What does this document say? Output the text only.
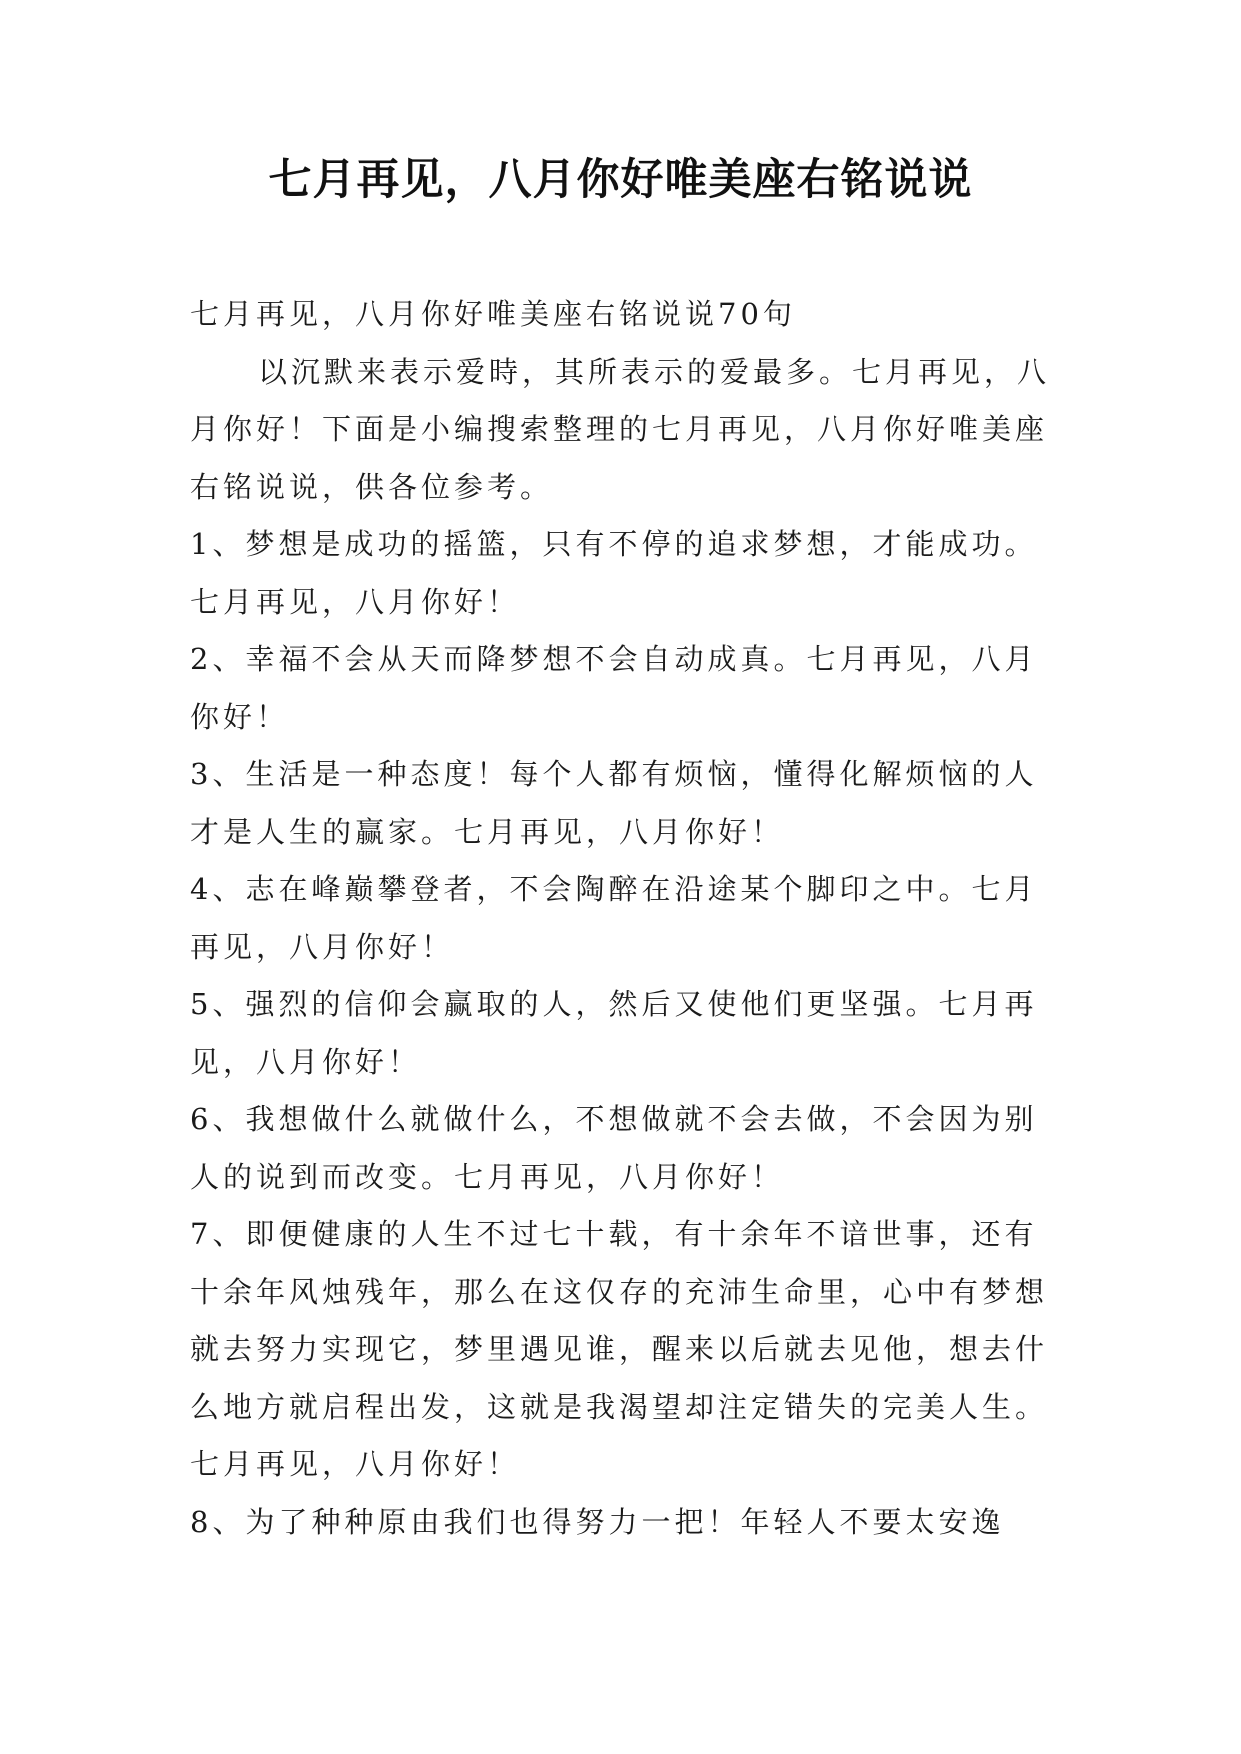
七月再见，八月你好唯美座右铭说说
七月再见，八月你好唯美座右铭说说70句
以沉默来表示爱時，其所表示的爱最多。七月再见，八
月你好！下面是小编搜索整理的七月再见，八月你好唯美座
右铭说说，供各位参考。
1、梦想是成功的摇篮，只有不停的追求梦想，才能成功。
七月再见，八月你好！
2、幸福不会从天而降梦想不会自动成真。七月再见，八月
你好！
3、生活是一种态度！每个人都有烦恼，懂得化解烦恼的人
才是人生的赢家。七月再见，八月你好！
4、志在峰巅攀登者，不会陶醉在沿途某个脚印之中。七月
再见，八月你好！
5、强烈的信仰会赢取的人，然后又使他们更坚强。七月再
见，八月你好！
6、我想做什么就做什么，不想做就不会去做，不会因为别
人的说到而改变。七月再见，八月你好！
7、即便健康的人生不过七十载，有十余年不谙世事，还有
十余年风烛残年，那么在这仅存的充沛生命里，心中有梦想
就去努力实现它，梦里遇见谁，醒来以后就去见他，想去什
么地方就启程出发，这就是我渴望却注定错失的完美人生。
七月再见，八月你好！
8、为了种种原由我们也得努力一把！年轻人不要太安逸
